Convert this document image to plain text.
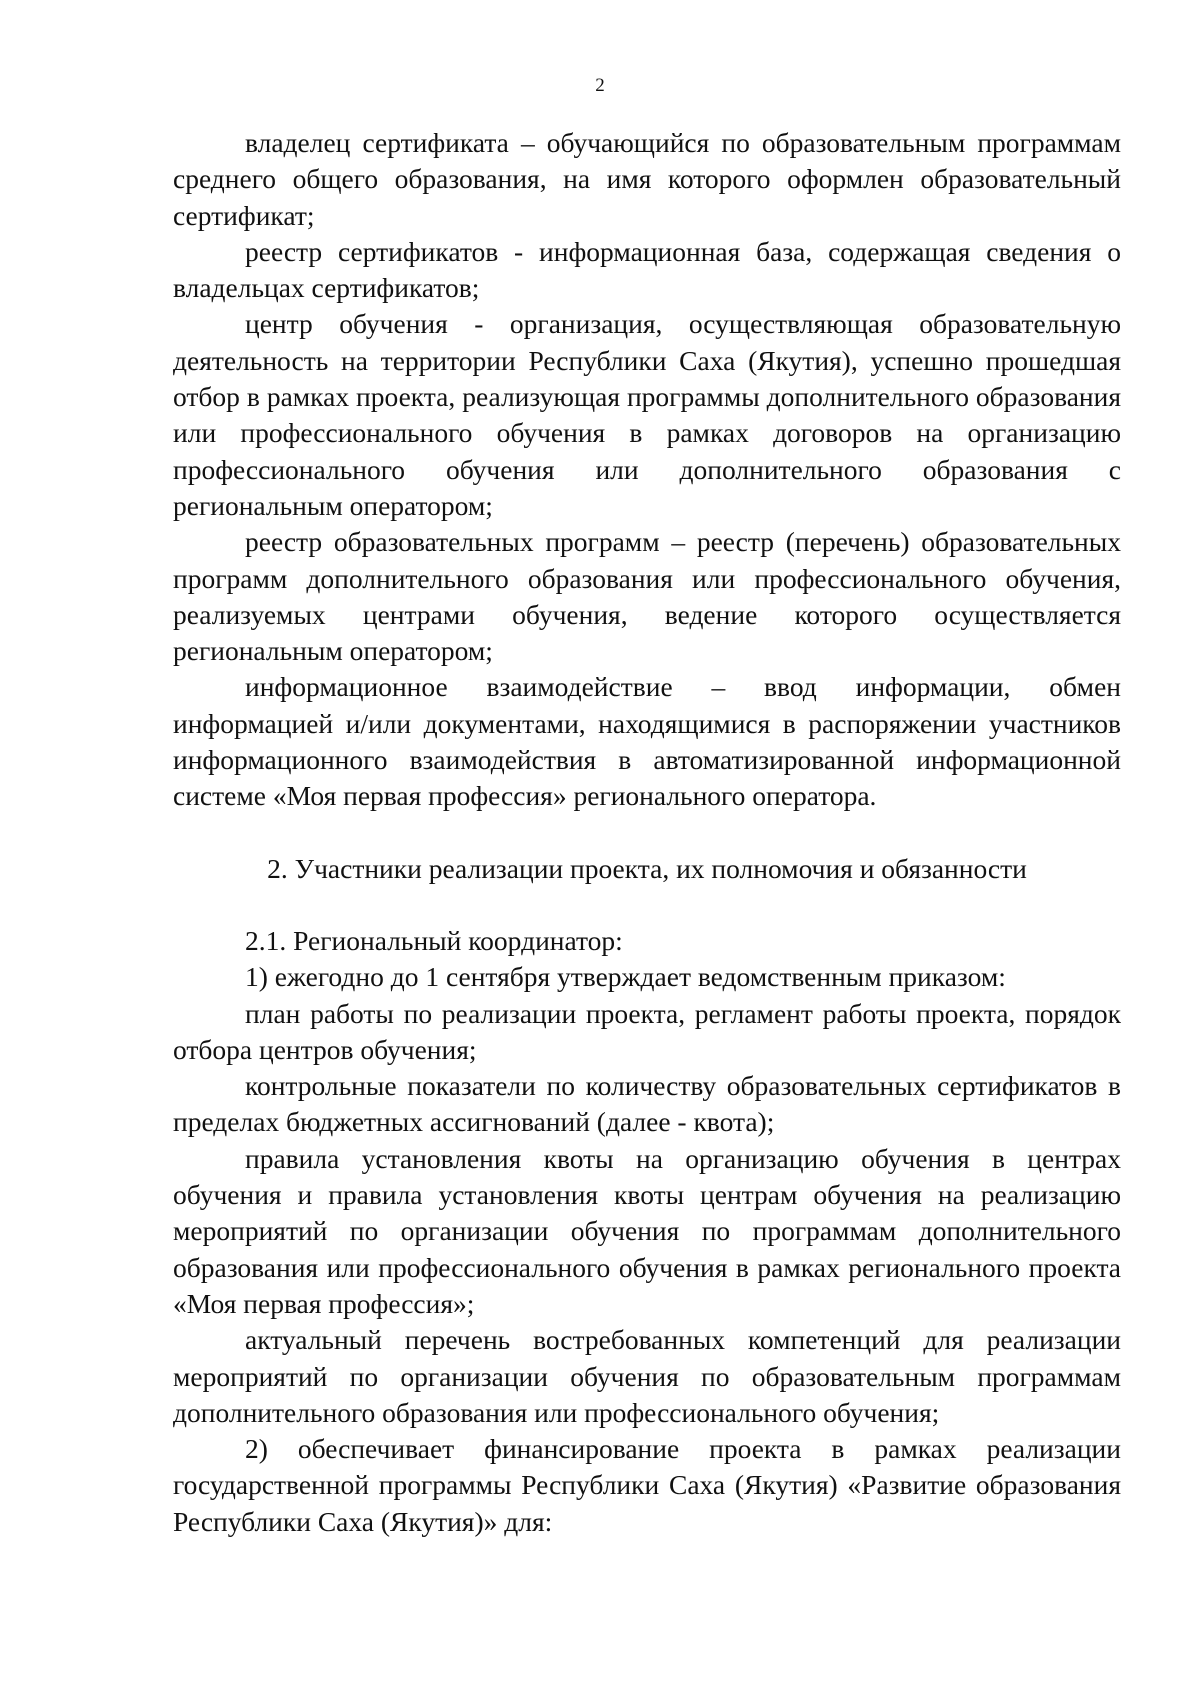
2

владелец сертификата – обучающийся по образовательным программам среднего общего образования, на имя которого оформлен образовательный сертификат;

реестр сертификатов - информационная база, содержащая сведения о владельцах сертификатов;

центр обучения - организация, осуществляющая образовательную деятельность на территории Республики Саха (Якутия), успешно прошедшая отбор в рамках проекта, реализующая программы дополнительного образования или профессионального обучения в рамках договоров на организацию профессионального обучения или дополнительного образования с региональным оператором;

реестр образовательных программ – реестр (перечень) образовательных программ дополнительного образования или профессионального обучения, реализуемых центрами обучения, ведение которого осуществляется региональным оператором;

информационное взаимодействие – ввод информации, обмен информацией и/или документами, находящимися в распоряжении участников информационного взаимодействия в автоматизированной информационной системе «Моя первая профессия» регионального оператора.

2. Участники реализации проекта, их полномочия и обязанности

2.1. Региональный координатор:

1) ежегодно до 1 сентября утверждает ведомственным приказом:

план работы по реализации проекта, регламент работы проекта, порядок отбора центров обучения;

контрольные показатели по количеству образовательных сертификатов в пределах бюджетных ассигнований (далее - квота);

правила установления квоты на организацию обучения в центрах обучения и правила установления квоты центрам обучения на реализацию мероприятий по организации обучения по программам дополнительного образования или профессионального обучения в рамках регионального проекта «Моя первая профессия»;

актуальный перечень востребованных компетенций для реализации мероприятий по организации обучения по образовательным программам дополнительного образования или профессионального обучения;

2) обеспечивает финансирование проекта в рамках реализации государственной программы Республики Саха (Якутия) «Развитие образования Республики Саха (Якутия)» для:
